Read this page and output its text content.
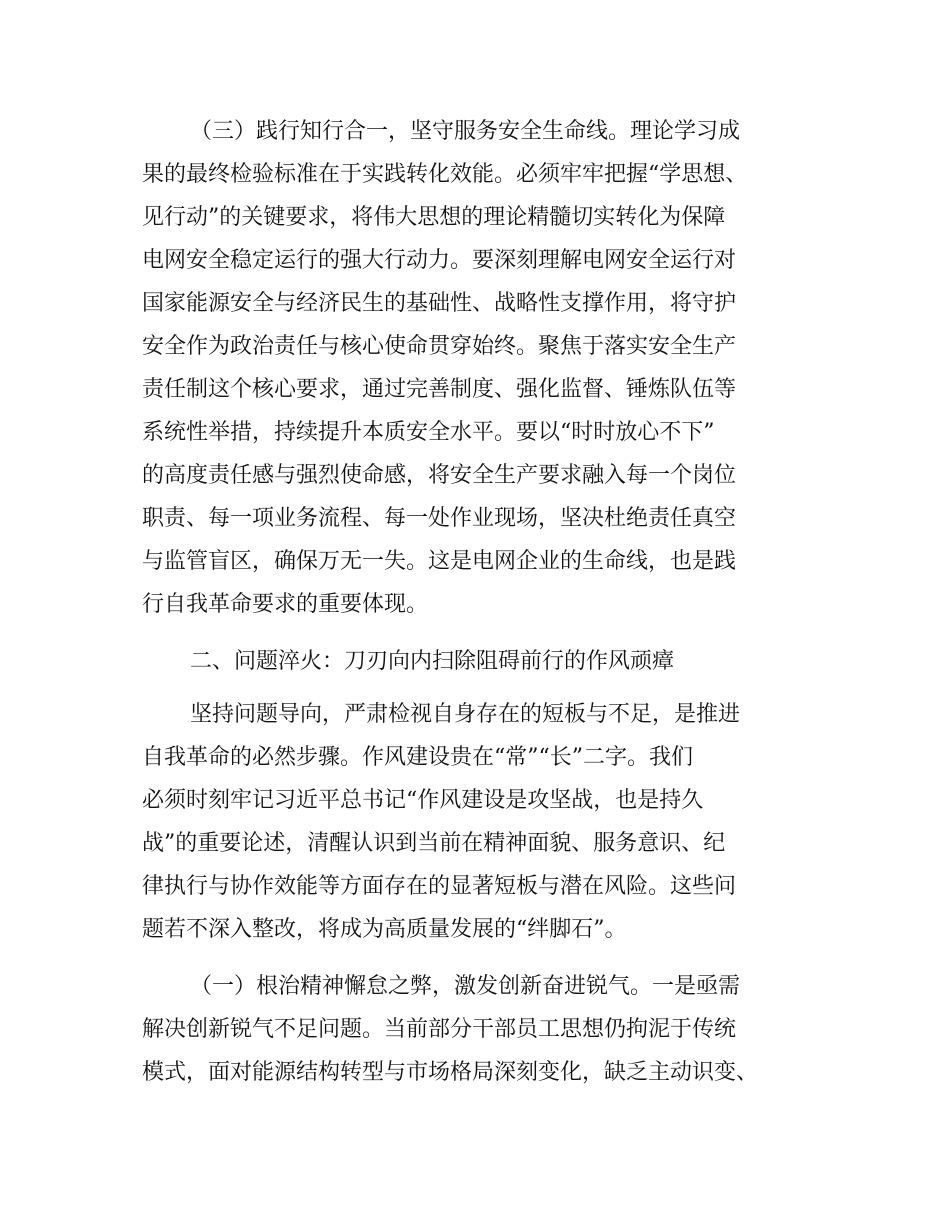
（三）践行知行合一，坚守服务安全生命线。理论学习成
果的最终检验标准在于实践转化效能。必须牢牢把握“学思想、
见行动”的关键要求，将伟大思想的理论精髓切实转化为保障
电网安全稳定运行的强大行动力。要深刻理解电网安全运行对
国家能源安全与经济民生的基础性、战略性支撑作用，将守护
安全作为政治责任与核心使命贯穿始终。聚焦于落实安全生产
责任制这个核心要求，通过完善制度、强化监督、锤炼队伍等
系统性举措，持续提升本质安全水平。要以“时时放心不下”
的高度责任感与强烈使命感，将安全生产要求融入每一个岗位
职责、每一项业务流程、每一处作业现场，坚决杜绝责任真空
与监管盲区，确保万无一失。这是电网企业的生命线，也是践
行自我革命要求的重要体现。
二、问题淬火：刀刃向内扫除阻碍前行的作风顽瘴
坚持问题导向，严肃检视自身存在的短板与不足，是推进
自我革命的必然步骤。作风建设贵在“常”“长”二字。我们
必须时刻牢记习近平总书记“作风建设是攻坚战，也是持久
战”的重要论述，清醒认识到当前在精神面貌、服务意识、纪
律执行与协作效能等方面存在的显著短板与潜在风险。这些问
题若不深入整改，将成为高质量发展的“绊脚石”。
（一）根治精神懈怠之弊，激发创新奋进锐气。一是亟需
解决创新锐气不足问题。当前部分干部员工思想仍拘泥于传统
模式，面对能源结构转型与市场格局深刻变化，缺乏主动识变、
